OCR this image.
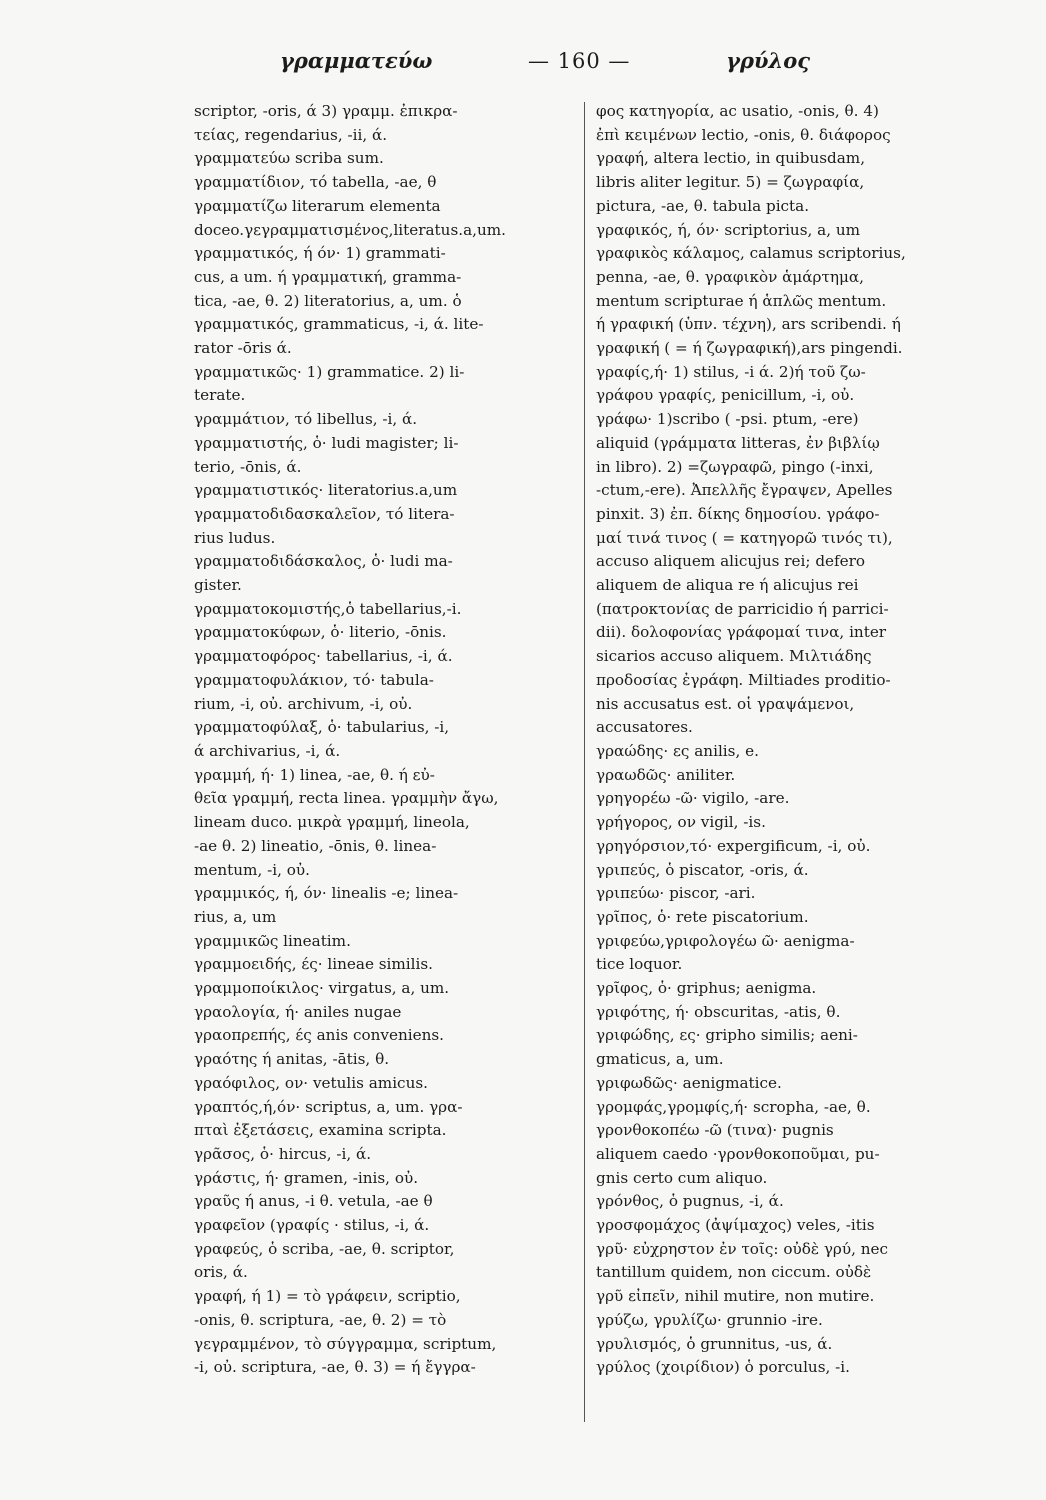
γραμματεύω	— 160 —	γρύλος
scriptor, -oris, ά 3) γραμμ. ἐπικρα-
τείας, regendarius, -ii, ά.
γραμματεύω scriba sum.
γραμματίδιον, τό tabella, -ae, θ
γραμματίζω literarum elementa
doceo.γεγραμματισμένος,literatus.a,um.
γραμματικός, ή όν· 1) grammati-
cus, a um. ή γραμματική, gramma-
tica, -ae, θ. 2) literatorius, a, um. ὁ
γραμματικός, grammaticus, -i, ά. lite-
rator -ōris ά.
γραμματικῶς· 1) grammatice. 2) li-
terate.
γραμμάτιον, τό libellus, -i, ά.
γραμματιστής, ὁ· ludi magister; li-
terio, -ōnis, ά.
γραμματιστικός· literatorius.a,um
γραμματοδιδασκαλεῖον, τό litera-
rius ludus.
γραμματοδιδάσκαλος, ὁ· ludi ma-
gister.
γραμματοκομιστής,ὁ tabellarius,-i.
γραμματοκύφων, ὁ· literio, -ōnis.
γραμματοφόρος· tabellarius, -i, ά.
γραμματοφυλάκιον, τό· tabula-
rium, -i, οὐ. archivum, -i, οὐ.
γραμματοφύλαξ, ὁ· tabularius, -i,
ά archivarius, -i, ά.
γραμμή, ή· 1) linea, -ae, θ. ή εὐ-
θεῖα γραμμή, recta linea. γραμμὴν ἄγω,
lineam duco. μικρὰ γραμμή, lineola,
-ae θ. 2) lineatio, -ōnis, θ. linea-
mentum, -i, οὐ.
γραμμικός, ή, όν· linealis -e; linea-
rius, a, um
γραμμικῶς lineatim.
γραμμοειδής, ές· lineae similis.
γραμμοποίκιλος· virgatus, a, um.
γραολογία, ή· aniles nugae
γραοπρεπής, ές anis conveniens.
γραότης ή anitas, -ātis, θ.
γραόφιλος, ον· vetulis amicus.
γραπτός,ή,όν· scriptus, a, um. γρα-
πταὶ ἐξετάσεις, examina scripta.
γρᾶσος, ὁ· hircus, -i, ά.
γράστις, ή· gramen, -inis, οὐ.
γραῦς ή anus, -i θ. vetula, -ae θ
γραφεῖον (γραφίς · stilus, -i, ά.
γραφεύς, ὁ scriba, -ae, θ. scriptor,
oris, ά.
γραφή, ή 1) = τὸ γράφειν, scriptio,
-onis, θ. scriptura, -ae, θ. 2) = τὸ
γεγραμμένον, τὸ σύγγραμμα, scriptum,
-i, οὐ. scriptura, -ae, θ. 3) = ή ἔγγρα-
φος κατηγορία, ac usatio, -onis, θ. 4)
ἐπὶ κειμένων lectio, -onis, θ. διάφορος
γραφή, altera lectio, in quibusdam,
libris aliter legitur. 5) = ζωγραφία,
pictura, -ae, θ. tabula picta.
γραφικός, ή, όν· scriptorius, a, um
γραφικὸς κάλαμος, calamus scriptorius,
penna, -ae, θ. γραφικὸν ἁμάρτημα,
mentum scripturae ή ἁπλῶς mentum.
ή γραφική (ὑπν. τέχνη), ars scribendi. ή
γραφική ( = ή ζωγραφική),ars pingendi.
γραφίς,ή· 1) stilus, -i ά. 2)ή τοῦ ζω-
γράφου γραφίς, penicillum, -i, οὐ.
γράφω· 1)scribo ( -psi. ptum, -ere)
aliquid (γράμματα litteras, ἐν βιβλίῳ
in libro). 2) =ζωγραφῶ, pingo (-inxi,
-ctum,-ere). Ἀπελλῆς ἔγραψεν, Apelles
pinxit. 3) ἐπ. δίκης δημοσίου. γράφο-
μαί τινά τινος ( = κατηγορῶ τινός τι),
accuso aliquem alicujus rei; defero
aliquem de aliqua re ή alicujus rei
(πατροκτονίας de parricidio ή parrici-
dii). δολοφονίας γράφομαί τινα, inter
sicarios accuso aliquem. Μιλτιάδης
προδοσίας ἐγράφη. Miltiades proditio-
nis accusatus est. οἱ γραψάμενοι,
accusatores.
γραώδης· ες anilis, e.
γραωδῶς· aniliter.
γρηγορέω -ῶ· vigilo, -are.
γρήγορος, ον vigil, -is.
γρηγόρσιον,τό· expergificum, -i, οὐ.
γριπεύς, ὁ piscator, -oris, ά.
γριπεύω· piscor, -ari.
γρῖπος, ὁ· rete piscatorium.
γριφεύω,γριφολογέω ῶ· aenigma-
tice loquor.
γρῖφος, ὁ· griphus; aenigma.
γριφότης, ή· obscuritas, -atis, θ.
γριφώδης, ες· gripho similis; aeni-
gmaticus, a, um.
γριφωδῶς· aenigmatice.
γρομφάς,γρομφίς,ή· scropha, -ae, θ.
γρονθοκοπέω -ῶ (τινα)· pugnis
aliquem caedo ·γρονθοκοποῦμαι, pu-
gnis certo cum aliquo.
γρόνθος, ὁ pugnus, -i, ά.
γροσφομάχος (ἀψίμαχος) veles, -itis
γρῦ· εὐχρηστον ἐν τοῖς: οὐδὲ γρύ, nec
tantillum quidem, non ciccum. οὐδὲ
γρῦ εἰπεῖν, nihil mutire, non mutire.
γρύζω, γρυλίζω· grunnio -ire.
γρυλισμός, ὁ grunnitus, -us, ά.
γρύλος (χοιρίδιον) ὁ porculus, -i.
